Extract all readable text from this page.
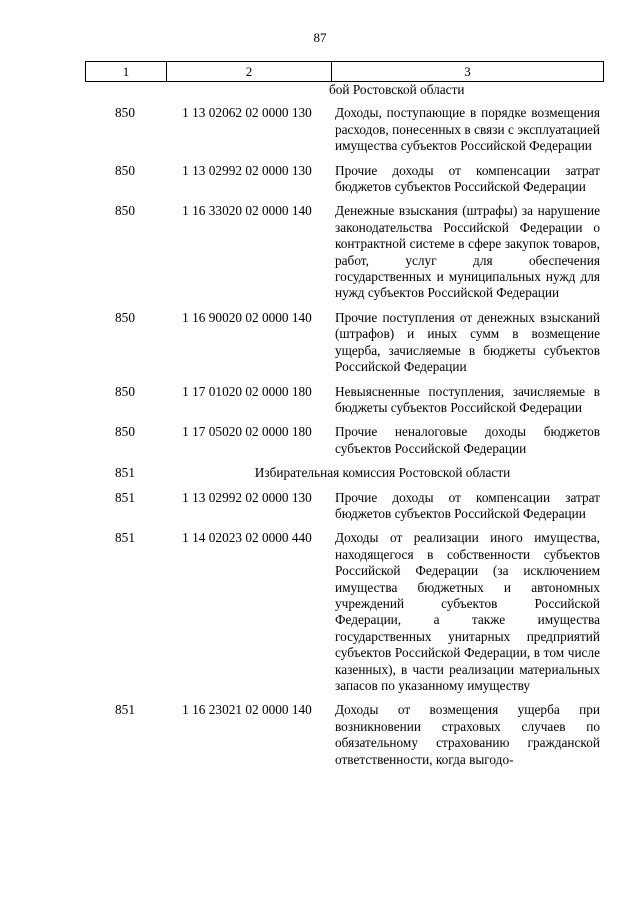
87
1	2	3
бой Ростовской области
850	1 13 02062 02 0000 130	Доходы, поступающие в порядке возмещения расходов, понесенных в связи с эксплуатацией имущества субъектов Российской Федерации
850	1 13 02992 02 0000 130	Прочие доходы от компенсации затрат бюджетов субъектов Российской Федерации
850	1 16 33020 02 0000 140	Денежные взыскания (штрафы) за нарушение законодательства Российской Федерации о контрактной системе в сфере закупок товаров, работ, услуг для обеспечения государственных и муниципальных нужд для нужд субъектов Российской Федерации
850	1 16 90020 02 0000 140	Прочие поступления от денежных взысканий (штрафов) и иных сумм в возмещение ущерба, зачисляемые в бюджеты субъектов Российской Федерации
850	1 17 01020 02 0000 180	Невыясненные поступления, зачисляемые в бюджеты субъектов Российской Федерации
850	1 17 05020 02 0000 180	Прочие неналоговые доходы бюджетов субъектов Российской Федерации
851	Избирательная комиссия Ростовской области
851	1 13 02992 02 0000 130	Прочие доходы от компенсации затрат бюджетов субъектов Российской Федерации
851	1 14 02023 02 0000 440	Доходы от реализации иного имущества, находящегося в собственности субъектов Российской Федерации (за исключением имущества бюджетных и автономных учреждений субъектов Российской Федерации, а также имущества государственных унитарных предприятий субъектов Российской Федерации, в том числе казенных), в части реализации материальных запасов по указанному имуществу
851	1 16 23021 02 0000 140	Доходы от возмещения ущерба при возникновении страховых случаев по обязательному страхованию гражданской ответственности, когда выгодо-
